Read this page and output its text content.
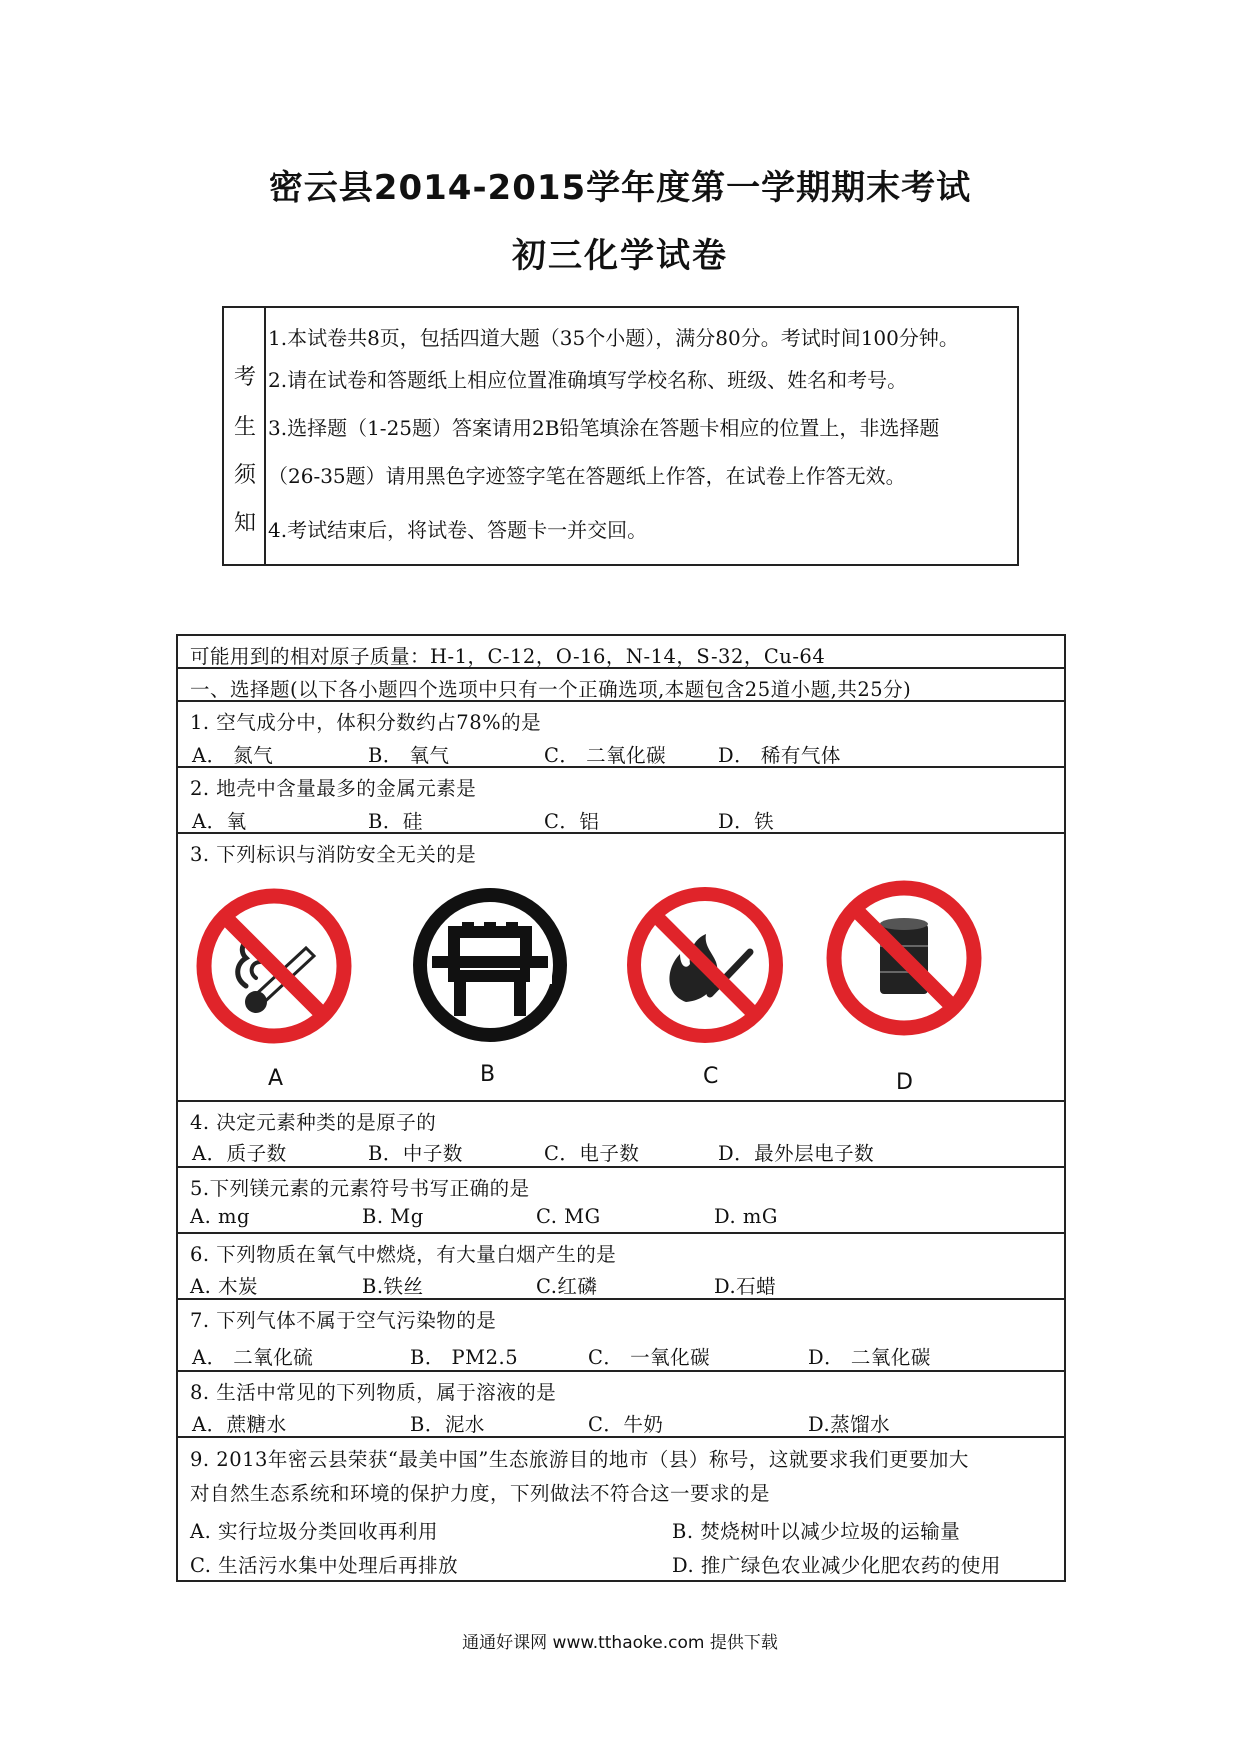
密云县2014-2015学年度第一学期期末考试
初三化学试卷
考
生
须
知
1.本试卷共8页，包括四道大题（35个小题），满分80分。考试时间100分钟。
2.请在试卷和答题纸上相应位置准确填写学校名称、班级、姓名和考号。
3.选择题（1-25题）答案请用2B铅笔填涂在答题卡相应的位置上，非选择题
（26-35题）请用黑色字迹签字笔在答题纸上作答，在试卷上作答无效。
4.考试结束后，将试卷、答题卡一并交回。
可能用到的相对原子质量：H-1，C-12，O-16，N-14，S-32，Cu-64
一、选择题(以下各小题四个选项中只有一个正确选项,本题包含25道小题,共25分)
1. 空气成分中，体积分数约占78%的是
A． 氮气	B． 氧气	C． 二氧化碳	D． 稀有气体
2. 地壳中含量最多的金属元素是
A．氧	B．硅	C．铝	D．铁
3. 下列标识与消防安全无关的是
A	B	C	D
4. 决定元素种类的是原子的
A．质子数	B．中子数	C．电子数	D．最外层电子数
5.下列镁元素的元素符号书写正确的是
A. mg	B. Mg	C. MG	D. mG
6. 下列物质在氧气中燃烧，有大量白烟产生的是
A. 木炭	B.铁丝	C.红磷	D.石蜡
7. 下列气体不属于空气污染物的是
A． 二氧化硫	B． PM2.5	C． 一氧化碳	D． 二氧化碳
8. 生活中常见的下列物质，属于溶液的是
A．蔗糖水	B．泥水	C．牛奶	D.蒸馏水
9. 2013年密云县荣获“最美中国”生态旅游目的地市（县）称号，这就要求我们更要加大
对自然生态系统和环境的保护力度，下列做法不符合这一要求的是
A. 实行垃圾分类回收再利用	B. 焚烧树叶以减少垃圾的运输量
C. 生活污水集中处理后再排放	D. 推广绿色农业减少化肥农药的使用
通通好课网 www.tthaoke.com 提供下载
